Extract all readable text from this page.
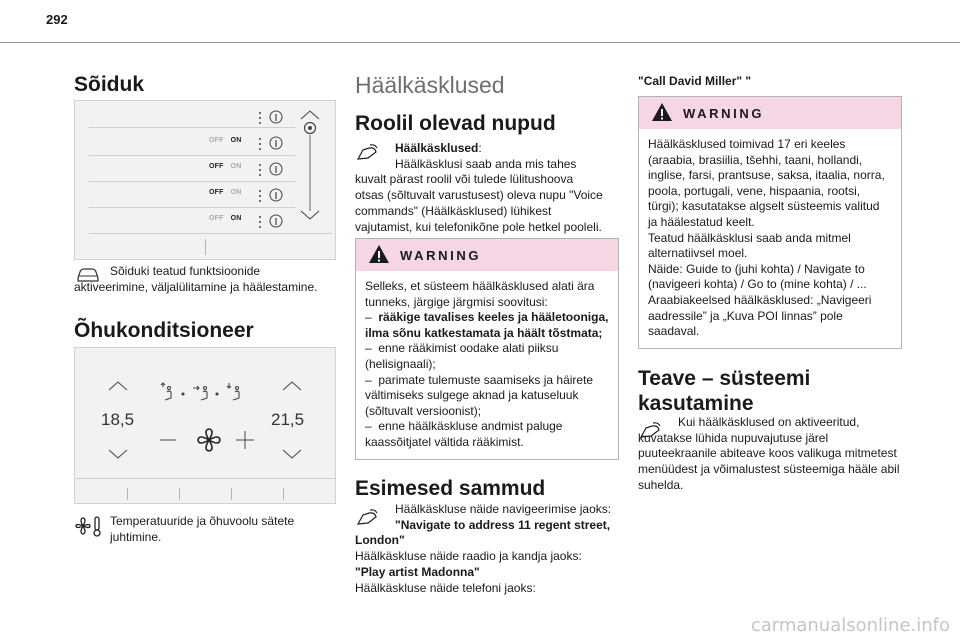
292
Sõiduk
OFF ON
OFF ON
OFF ON
OFF ON
Sõiduki teatud funktsioonide aktiveerimine, väljalülitamine ja häälestamine.
Õhukonditsioneer
18,5	21,5
Temperatuuride ja õhuvoolu sätete juhtimine.
Häälkäsklused
Roolil olevad nupud
Häälkäsklused:
Häälkäsklusi saab anda mis tahes kuvalt pärast roolil või tulede lülitushoova otsas (sõltuvalt varustusest) oleva nupu "Voice commands" (Häälkäsklused) lühikest vajutamist, kui telefonikõne pole hetkel pooleli.
WARNING
Selleks, et süsteem häälkäsklused alati ära tunneks, järgige järgmisi soovitusi:
–  rääkige tavalises keeles ja hääletooniga, ilma sõnu katkestamata ja häält tõstmata;
–  enne rääkimist oodake alati piiksu (helisignaali);
–  parimate tulemuste saamiseks ja häirete vältimiseks sulgege aknad ja katuseluuk (sõltuvalt versioonist);
–  enne häälkäskluse andmist paluge kaassõitjatel vältida rääkimist.
Esimesed sammud
Häälkäskluse näide navigeerimise jaoks:
"Navigate to address 11 regent street, London"
Häälkäskluse näide raadio ja kandja jaoks:
"Play artist Madonna"
Häälkäskluse näide telefoni jaoks:
"Call David Miller" "
WARNING
Häälkäsklused toimivad 17 eri keeles (araabia, brasiilia, tšehhi, taani, hollandi, inglise, farsi, prantsuse, saksa, itaalia, norra, poola, portugali, vene, hispaania, rootsi, türgi); kasutatakse algselt süsteemis valitud ja häälestatud keelt.
Teatud häälkäsklusi saab anda mitmel alternatiivsel moel.
Näide: Guide to (juhi kohta) / Navigate to (navigeeri kohta) / Go to (mine kohta) / ...
Araabiakeelsed häälkäsklused: „Navigeeri aadressile” ja „Kuva POI linnas” pole saadaval.
Teave – süsteemi kasutamine
Kui häälkäsklused on aktiveeritud, kuvatakse lühida nupuvajutuse järel puuteekraanile abiteave koos valikuga mitmetest menüüdest ja võimalustest süsteemiga hääle abil suhelda.
carmanualsonline.info
